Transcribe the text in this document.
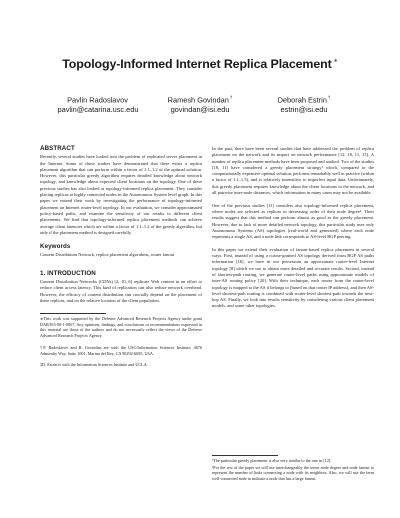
Topology-Informed Internet Replica Placement ∗
Pavlin Radoslavov
pavlin@catarina.usc.edu
Ramesh Govindan†
govindan@isi.edu
Deborah Estrin†
estrin@isi.edu
ABSTRACT

Recently, several studies have looked into the problem of replicated server placement in the Internet. Some of those studies have demonstrated that there exists a replica placement algorithm that can perform within a factor of 1.1–1.2 of the optimal solution. However, this particular greedy algorithm requires detailed knowledge about network topology, and knowledge about expected client locations on the topology. One of these previous studies has also looked at topology-informed replica placement. They consider placing replicas at highly connected nodes in the Autonomous System level graph. In this paper we extend their work by investigating the performance of topology-informed placement on Internet router-level topology. In our evaluation, we consider approximated policy-based paths, and examine the sensitivity of our results to different client placements. We find that topology-informed replica placement methods can achieve average client latencies which are within a factor of 1.1–1.2 of the greedy algorithm, but only if the placement method is designed carefully.

Keywords

Content Distribution Network, replica placement algorithms, router fanout

1. INTRODUCTION

Content Distribution Networks (CDNs) [2, 10, 6] replicate Web content in an effort to reduce client access latency. This kind of replication can also reduce network overhead. However, the efficacy of content distribution can crucially depend on the placement of these replicas, and on the relative location of the client population.

∗This work was supported by the Defense Advanced Research Projects Agency under grant DABT63-98-1-0067. Any opinions, findings, and conclusions or recommendations expressed in this material are those of the authors and do not necessarily reflect the views of the Defense Advanced Research Projects Agency.

†P. Radoslavov and R. Govindan are with the USC/Information Sciences Institute, 4676 Admiralty Way, Suite 1001, Marina del Rey, CA 90292-6695, USA.

‡D. Estrin is with the Information Sciences Institute and UCLA.

In the past, there have been several studies that have addressed the problem of replica placement on the network and its impact on network performance [12, 18, 11, 13]. A number of replica placement methods have been proposed and studied. Two of the studies [18, 11] have considered a greedy placement strategy¹ which, compared to the computationally expensive optimal solution, performs remarkably well in practice (within a factor of 1.1–1.5), and is relatively insensitive to imperfect input data. Unfortunately, this greedy placement requires knowledge about the client locations in the network, and all pairwise inter-node distances, which information in many cases may not be available.

One of the previous studies [11] considers also topology-informed replica placement, where nodes are selected as replicas in decreasing order of their node degree². Their results suggest that this method can perform almost as good as the greedy placement. However, due to lack of more detailed network topology, this particular study uses only Autonomous Systems (AS) topologies (real-world and generated) where each node represents a single AS, and a node link corresponds to AS-level BGP peering.

In this paper we extend their evaluation of fanout-based replica placement in several ways. First, instead of using a coarse-grained AS topology derived from BGP AS paths information [16], we have in our possession an approximate router-level Internet topology [8] which we use to obtain more detailed and accurate results. Second, instead of shortest-path routing, we generate router-level paths using approximate models of inter-AS routing policy [20]. With their technique, each router from the router-level topology is mapped to the AS it belongs to (based on that router IP address), and then AS-level shortest-path routing is combined with router-level shortest-path towards the next-hop AS. Finally, we look into results sensitivity by considering various client placement models, and some other topologies.

¹The particular greedy placement is also very similar to the one in [12].

²For the rest of the paper we will use interchangeably the terms node degree and node fanout to represent the number of links connecting a node with its neighbors. Also, we will use the term well-connected node to indicate a node that has a large fanout.
